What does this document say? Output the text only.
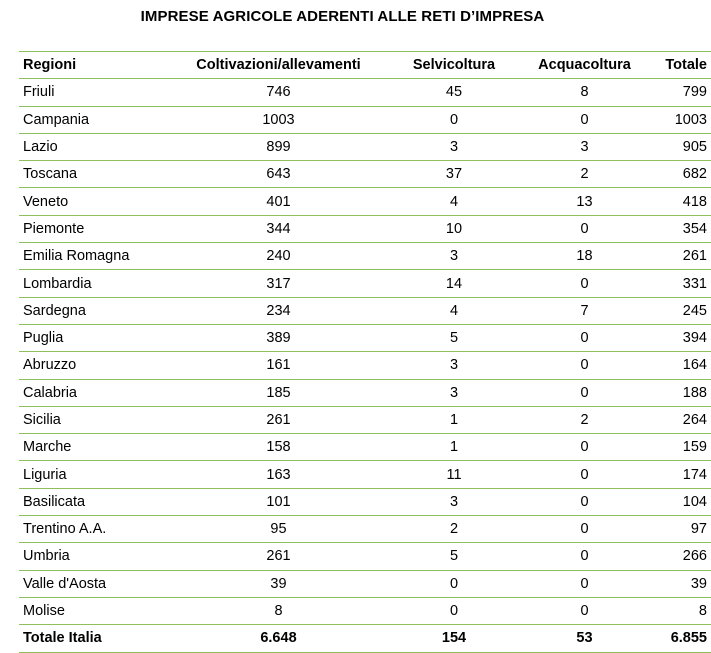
IMPRESE AGRICOLE ADERENTI ALLE RETI D’IMPRESA
Regioni	Coltivazioni/allevamenti	Selvicoltura	Acquacoltura	Totale
Friuli	746	45	8	799
Campania	1003	0	0	1003
Lazio	899	3	3	905
Toscana	643	37	2	682
Veneto	401	4	13	418
Piemonte	344	10	0	354
Emilia Romagna	240	3	18	261
Lombardia	317	14	0	331
Sardegna	234	4	7	245
Puglia	389	5	0	394
Abruzzo	161	3	0	164
Calabria	185	3	0	188
Sicilia	261	1	2	264
Marche	158	1	0	159
Liguria	163	11	0	174
Basilicata	101	3	0	104
Trentino A.A.	95	2	0	97
Umbria	261	5	0	266
Valle d'Aosta	39	0	0	39
Molise	8	0	0	8
Totale Italia	6.648	154	53	6.855
